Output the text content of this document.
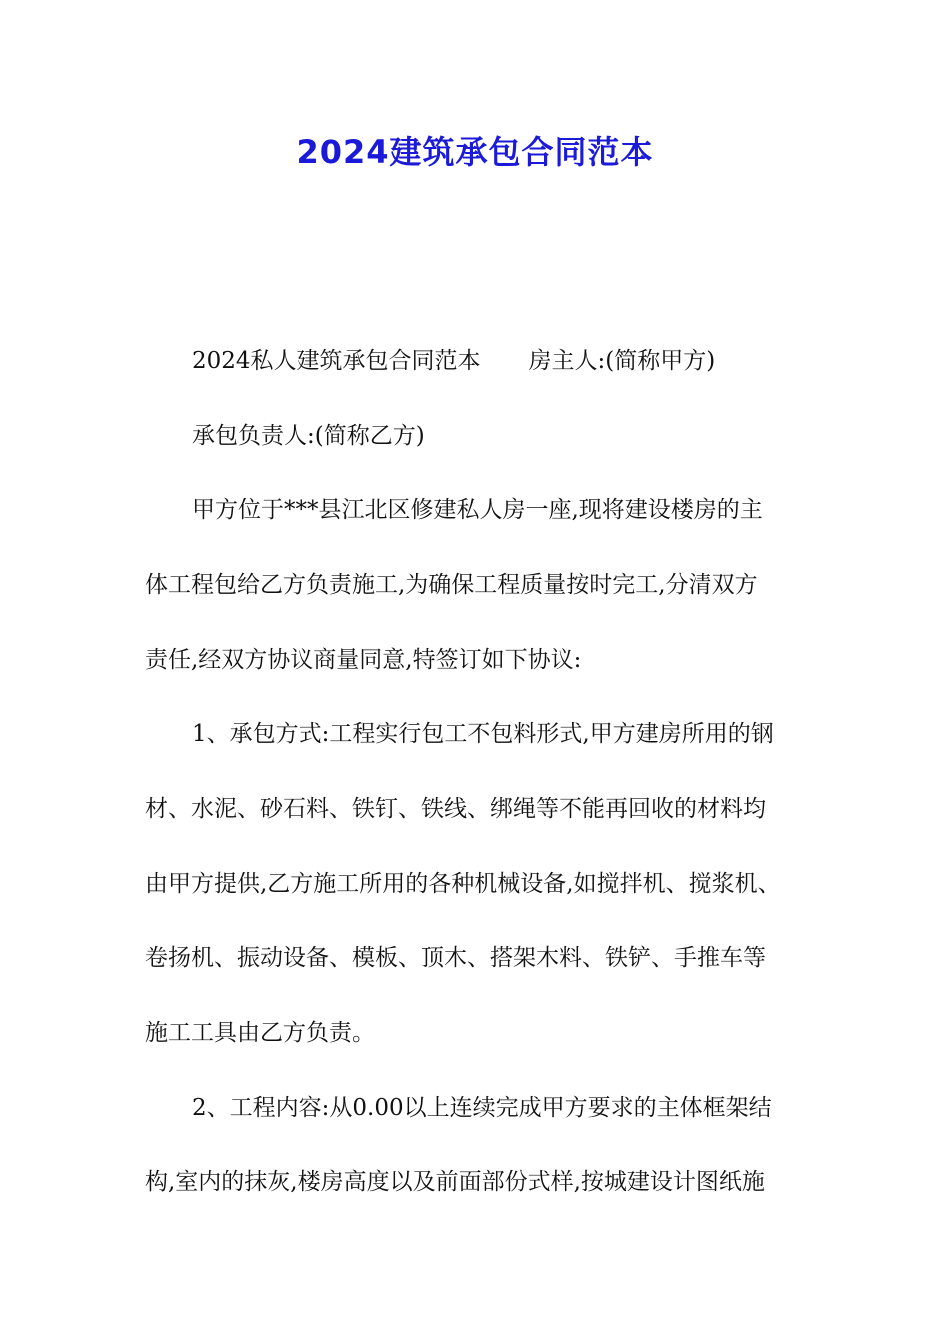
2024建筑承包合同范本

2024私人建筑承包合同范本 房主人:(简称甲方)

承包负责人:(简称乙方)

甲方位于***县江北区修建私人房一座,现将建设楼房的主

体工程包给乙方负责施工,为确保工程质量按时完工,分清双方

责任,经双方协议商量同意,特签订如下协议:

1、承包方式:工程实行包工不包料形式,甲方建房所用的钢

材、水泥、砂石料、铁钉、铁线、绑绳等不能再回收的材料均

由甲方提供,乙方施工所用的各种机械设备,如搅拌机、搅浆机、

卷扬机、振动设备、模板、顶木、搭架木料、铁铲、手推车等

施工工具由乙方负责。

2、工程内容:从0.00以上连续完成甲方要求的主体框架结

构,室内的抹灰,楼房高度以及前面部份式样,按城建设计图纸施
